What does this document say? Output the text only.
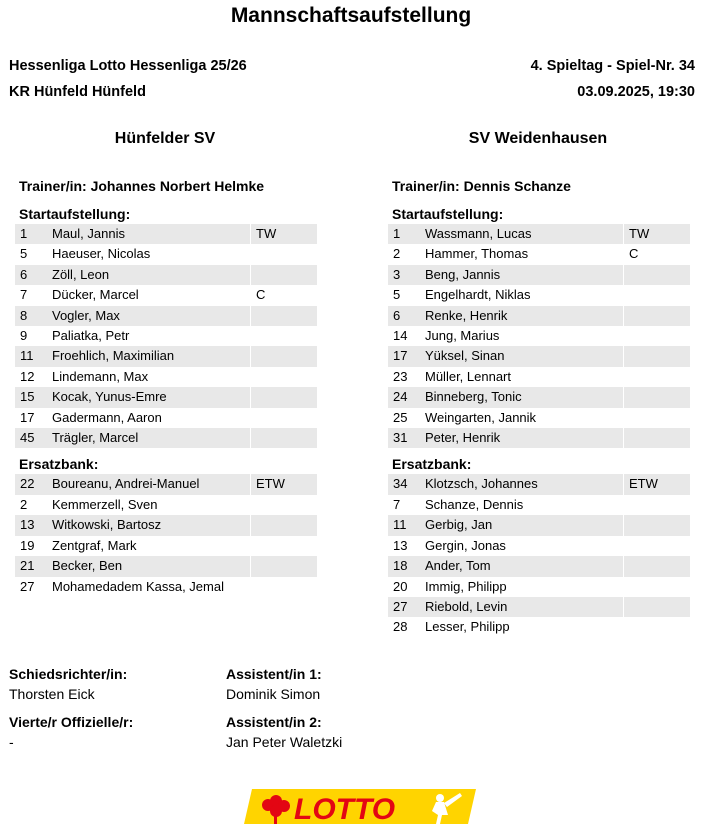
Mannschaftsaufstellung
Hessenliga Lotto Hessenliga 25/26
KR Hünfeld Hünfeld
4. Spieltag - Spiel-Nr. 34
03.09.2025, 19:30
Hünfelder SV	SV Weidenhausen
Trainer/in: Johannes Norbert Helmke
Startaufstellung:
1	Maul, Jannis	TW
5	Haeuser, Nicolas	
6	Zöll, Leon	
7	Dücker, Marcel	C
8	Vogler, Max	
9	Paliatka, Petr	
11	Froehlich, Maximilian	
12	Lindemann, Max	
15	Kocak, Yunus-Emre	
17	Gadermann, Aaron	
45	Trägler, Marcel	
Ersatzbank:
22	Boureanu, Andrei-Manuel	ETW
2	Kemmerzell, Sven	
13	Witkowski, Bartosz	
19	Zentgraf, Mark	
21	Becker, Ben	
27	Mohamedadem Kassa, Jemal	
Trainer/in: Dennis Schanze
Startaufstellung:
1	Wassmann, Lucas	TW
2	Hammer, Thomas	C
3	Beng, Jannis	
5	Engelhardt, Niklas	
6	Renke, Henrik	
14	Jung, Marius	
17	Yüksel, Sinan	
23	Müller, Lennart	
24	Binneberg, Tonic	
25	Weingarten, Jannik	
31	Peter, Henrik	
Ersatzbank:
34	Klotzsch, Johannes	ETW
7	Schanze, Dennis	
11	Gerbig, Jan	
13	Gergin, Jonas	
18	Ander, Tom	
20	Immig, Philipp	
27	Riebold, Levin	
28	Lesser, Philipp	
Schiedsrichter/in:
Thorsten Eick
Assistent/in 1:
Dominik Simon
Vierte/r Offizielle/r:
-
Assistent/in 2:
Jan Peter Waletzki
LOTTO
